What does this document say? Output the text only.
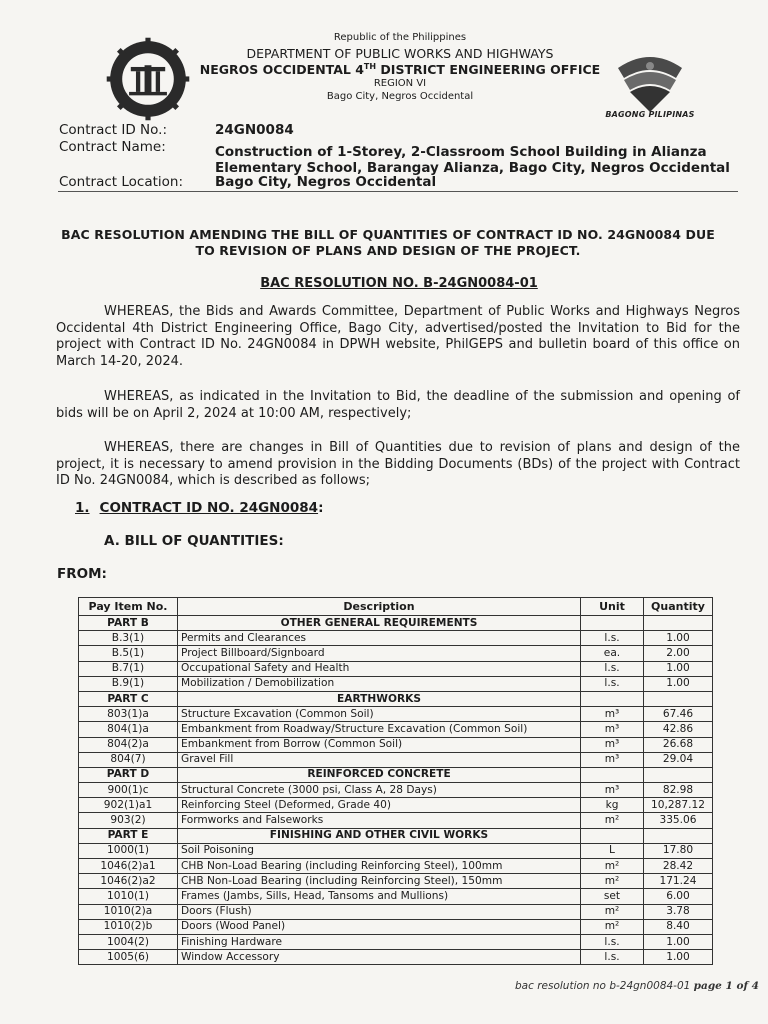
BAGONG PILIPINAS
Republic of the Philippines
DEPARTMENT OF PUBLIC WORKS AND HIGHWAYS
NEGROS OCCIDENTAL 4TH DISTRICT ENGINEERING OFFICE
REGION VI
Bago City, Negros Occidental
Contract ID No.:	24GN0084
Contract Name:	Construction of 1-Storey, 2-Classroom School Building in Alianza
Elementary School, Barangay Alianza, Bago City, Negros Occidental
Contract Location: Bago City, Negros Occidental
BAC RESOLUTION AMENDING THE BILL OF QUANTITIES OF CONTRACT ID NO. 24GN0084 DUE
TO REVISION OF PLANS AND DESIGN OF THE PROJECT.
BAC RESOLUTION NO. B-24GN0084-01

WHEREAS, the Bids and Awards Committee, Department of Public Works and Highways Negros Occidental 4th District Engineering Office, Bago City, advertised/posted the Invitation to Bid for the project with Contract ID No. 24GN0084 in DPWH website, PhilGEPS and bulletin board of this office on March 14-20, 2024.

WHEREAS, as indicated in the Invitation to Bid, the deadline of the submission and opening of bids will be on April 2, 2024 at 10:00 AM, respectively;

WHEREAS, there are changes in Bill of Quantities due to revision of plans and design of the project, it is necessary to amend provision in the Bidding Documents (BDs) of the project with Contract ID No. 24GN0084, which is described as follows;

1. CONTRACT ID NO. 24GN0084:
A. BILL OF QUANTITIES:
FROM:
Pay Item No.	Description	Unit	Quantity
PART B	OTHER GENERAL REQUIREMENTS		
B.3(1)	Permits and Clearances	l.s.	1.00
B.5(1)	Project Billboard/Signboard	ea.	2.00
B.7(1)	Occupational Safety and Health	l.s.	1.00
B.9(1)	Mobilization / Demobilization	l.s.	1.00
PART C	EARTHWORKS		
803(1)a	Structure Excavation (Common Soil)	m³	67.46
804(1)a	Embankment from Roadway/Structure Excavation (Common Soil)	m³	42.86
804(2)a	Embankment from Borrow (Common Soil)	m³	26.68
804(7)	Gravel Fill	m³	29.04
PART D	REINFORCED CONCRETE		
900(1)c	Structural Concrete (3000 psi, Class A, 28 Days)	m³	82.98
902(1)a1	Reinforcing Steel (Deformed, Grade 40)	kg	10,287.12
903(2)	Formworks and Falseworks	m²	335.06
PART E	FINISHING AND OTHER CIVIL WORKS		
1000(1)	Soil Poisoning	L	17.80
1046(2)a1	CHB Non-Load Bearing (including Reinforcing Steel), 100mm	m²	28.42
1046(2)a2	CHB Non-Load Bearing (including Reinforcing Steel), 150mm	m²	171.24
1010(1)	Frames (Jambs, Sills, Head, Tansoms and Mullions)	set	6.00
1010(2)a	Doors (Flush)	m²	3.78
1010(2)b	Doors (Wood Panel)	m²	8.40
1004(2)	Finishing Hardware	l.s.	1.00
1005(6)	Window Accessory	l.s.	1.00
bac resolution no b-24gn0084-01 page 1 of 4
